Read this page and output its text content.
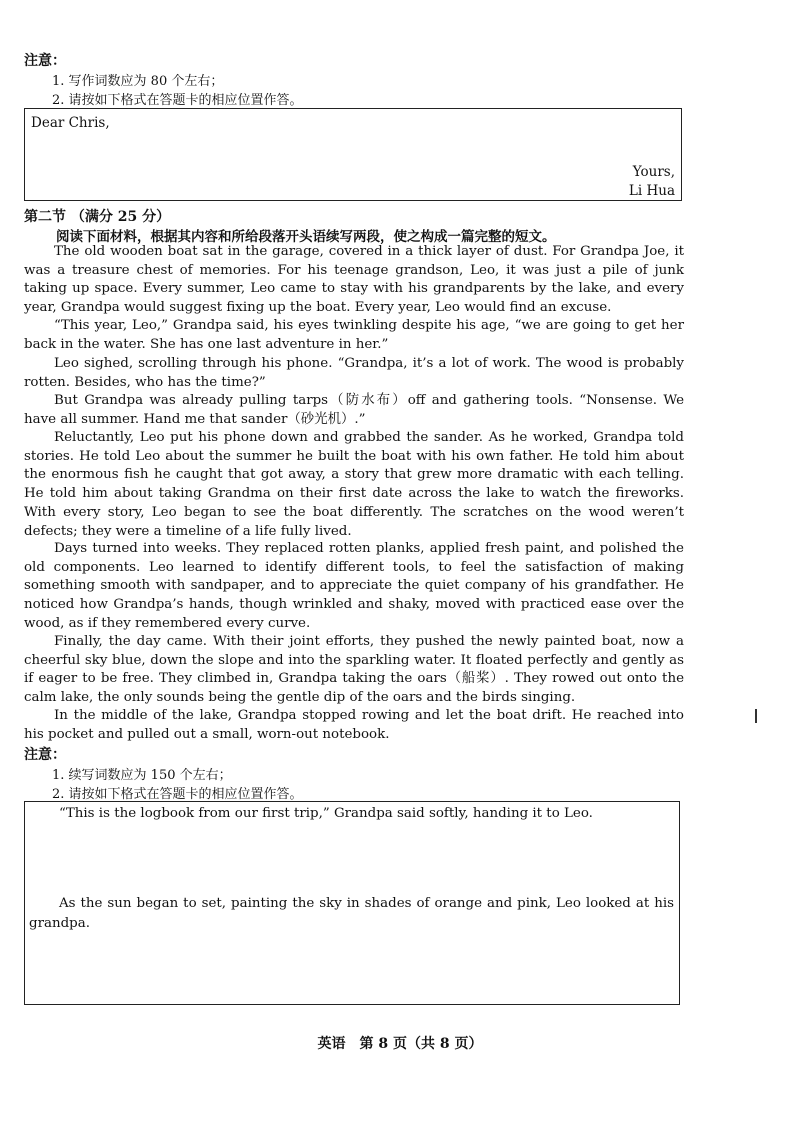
注意：
1. 写作词数应为 80 个左右；
2. 请按如下格式在答题卡的相应位置作答。
Dear Chris,
Yours,
Li Hua
第二节 （满分 25 分）
阅读下面材料，根据其内容和所给段落开头语续写两段，使之构成一篇完整的短文。

The old wooden boat sat in the garage, covered in a thick layer of dust. For Grandpa Joe, it was a treasure chest of memories. For his teenage grandson, Leo, it was just a pile of junk taking up space. Every summer, Leo came to stay with his grandparents by the lake, and every year, Grandpa would suggest fixing up the boat. Every year, Leo would find an excuse.

“This year, Leo,” Grandpa said, his eyes twinkling despite his age, “we are going to get her back in the water. She has one last adventure in her.”

Leo sighed, scrolling through his phone. “Grandpa, it’s a lot of work. The wood is probably rotten. Besides, who has the time?”

But Grandpa was already pulling tarps（防水布）off and gathering tools. “Nonsense. We have all summer. Hand me that sander（砂光机）.”

Reluctantly, Leo put his phone down and grabbed the sander. As he worked, Grandpa told stories. He told Leo about the summer he built the boat with his own father. He told him about the enormous fish he caught that got away, a story that grew more dramatic with each telling. He told him about taking Grandma on their first date across the lake to watch the fireworks. With every story, Leo began to see the boat differently. The scratches on the wood weren’t defects; they were a timeline of a life fully lived.

Days turned into weeks. They replaced rotten planks, applied fresh paint, and polished the old components. Leo learned to identify different tools, to feel the satisfaction of making something smooth with sandpaper, and to appreciate the quiet company of his grandfather. He noticed how Grandpa’s hands, though wrinkled and shaky, moved with practiced ease over the wood, as if they remembered every curve.

Finally, the day came. With their joint efforts, they pushed the newly painted boat, now a cheerful sky blue, down the slope and into the sparkling water. It floated perfectly and gently as if eager to be free. They climbed in, Grandpa taking the oars（船桨）. They rowed out onto the calm lake, the only sounds being the gentle dip of the oars and the birds singing.

In the middle of the lake, Grandpa stopped rowing and let the boat drift. He reached into his pocket and pulled out a small, worn-out notebook.

注意：
1. 续写词数应为 150 个左右；
2. 请按如下格式在答题卡的相应位置作答。

“This is the logbook from our first trip,” Grandpa said softly, handing it to Leo.

As the sun began to set, painting the sky in shades of orange and pink, Leo looked at his grandpa.

英语　第 8 页（共 8 页）
